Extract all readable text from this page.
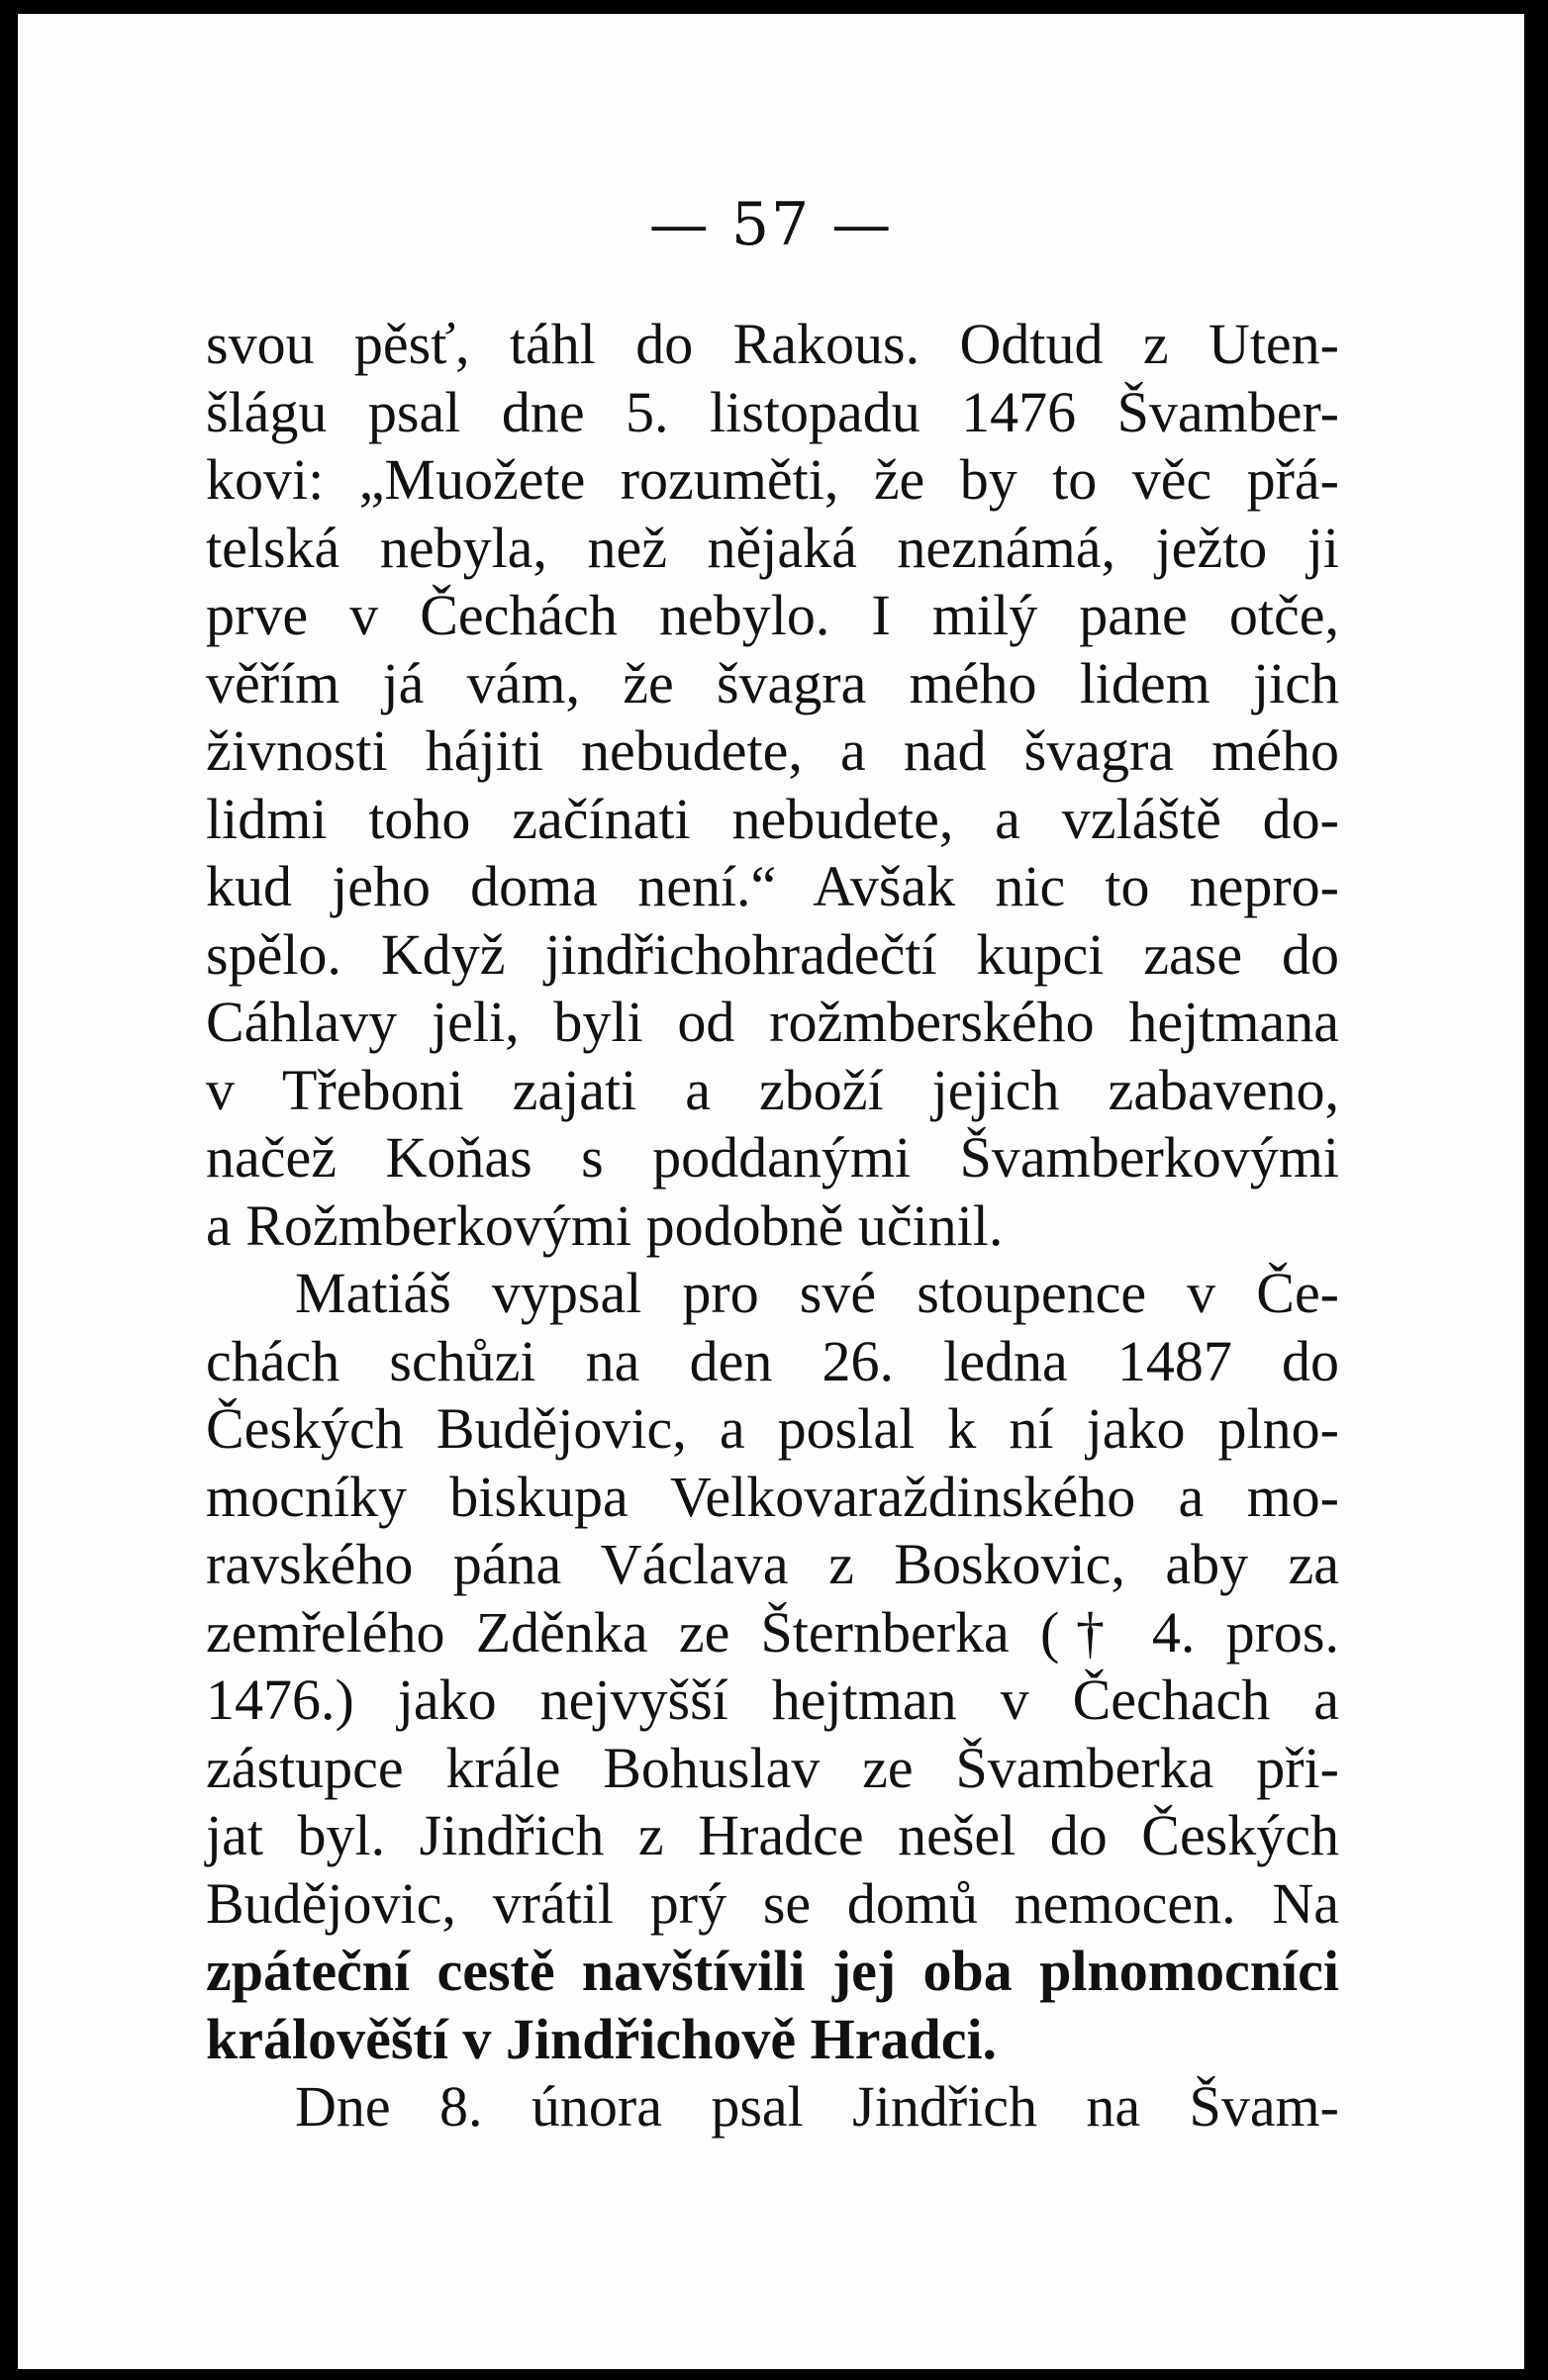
— 57 —
svou pěsť, táhl do Rakous. Odtud z Uten-
šlágu psal dne 5. listopadu 1476 Švamber-
kovi: „Muožete rozuměti, že by to věc přá-
telská nebyla, než nějaká neznámá, ježto ji
prve v Čechách nebylo. I milý pane otče,
věřím já vám, že švagra mého lidem jich
živnosti hájiti nebudete, a nad švagra mého
lidmi toho začínati nebudete, a vzláště do-
kud jeho doma není.“ Avšak nic to nepro-
spělo. Když jindřichohradečtí kupci zase do
Cáhlavy jeli, byli od rožmberského hejtmana
v Třeboni zajati a zboží jejich zabaveno,
načež Koňas s poddanými Švamberkovými
a Rožmberkovými podobně učinil.
Matiáš vypsal pro své stoupence v Če-
chách schůzi na den 26. ledna 1487 do
Českých Budějovic, a poslal k ní jako plno-
mocníky biskupa Velkovaraždinského a mo-
ravského pána Václava z Boskovic, aby za
zemřelého Zděnka ze Šternberka († 4. pros.
1476.) jako nejvyšší hejtman v Čechach a
zástupce krále Bohuslav ze Švamberka při-
jat byl. Jindřich z Hradce nešel do Českých
Budějovic, vrátil prý se domů nemocen. Na
zpáteční cestě navštívili jej oba plnomocníci
králověští v Jindřichově Hradci.
Dne 8. února psal Jindřich na Švam-
